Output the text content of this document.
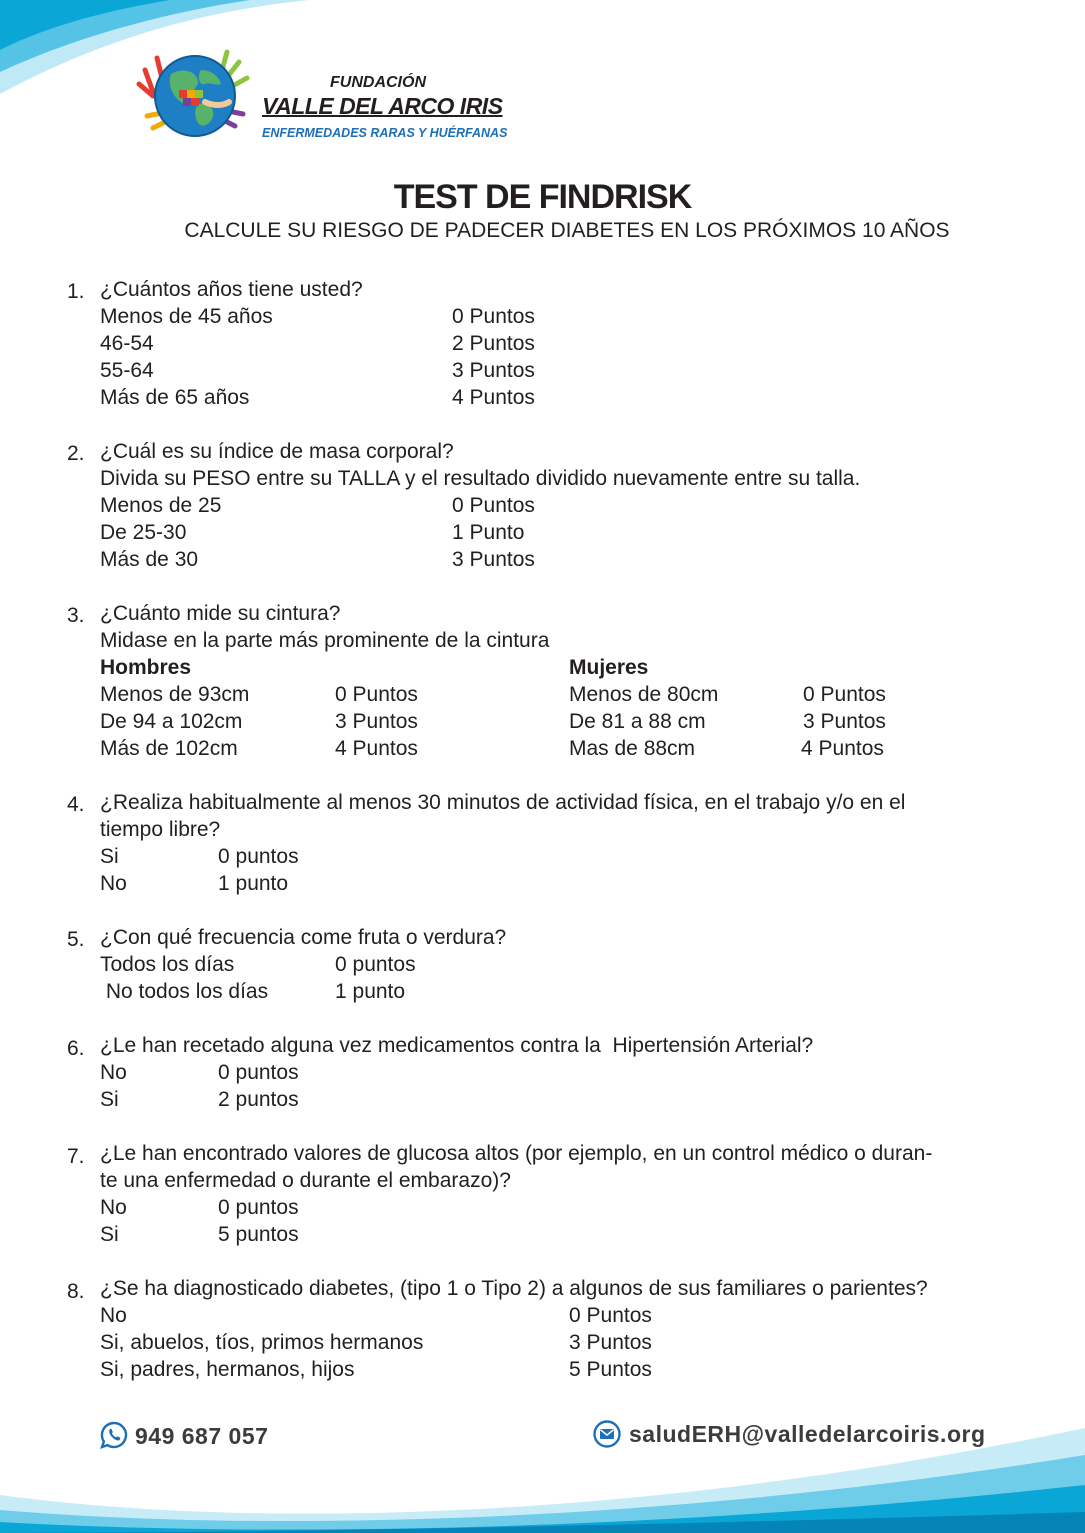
FUNDACIÓN
VALLE DEL ARCO IRIS
ENFERMEDADES RARAS Y HUÉRFANAS
TEST DE FINDRISK
CALCULE SU RIESGO DE PADECER DIABETES EN LOS PRÓXIMOS 10 AÑOS
1. ¿Cuántos años tiene usted?
Menos de 45 años	0 Puntos
46-54	2 Puntos
55-64	3 Puntos
Más de 65 años	4 Puntos
2. ¿Cuál es su índice de masa corporal?
Divida su PESO entre su TALLA y el resultado dividido nuevamente entre su talla.
Menos de 25	0 Puntos
De 25-30	1 Punto
Más de 30	3 Puntos
3. ¿Cuánto mide su cintura?
Midase en la parte más prominente de la cintura
Hombres	Mujeres
Menos de 93cm	0 Puntos	Menos de 80cm	0 Puntos
De 94 a 102cm	3 Puntos	De 81 a 88 cm	3 Puntos
Más de 102cm	4 Puntos	Mas de 88cm	4 Puntos
4. ¿Realiza habitualmente al menos 30 minutos de actividad física, en el trabajo y/o en el
tiempo libre?
Si	0 puntos
No	1 punto
5. ¿Con qué frecuencia come fruta o verdura?
Todos los días	0 puntos
No todos los días	1 punto
6. ¿Le han recetado alguna vez medicamentos contra la  Hipertensión Arterial?
No	0 puntos
Si	2 puntos
7. ¿Le han encontrado valores de glucosa altos (por ejemplo, en un control médico o duran-
te una enfermedad o durante el embarazo)?
No	0 puntos
Si	5 puntos
8. ¿Se ha diagnosticado diabetes, (tipo 1 o Tipo 2) a algunos de sus familiares o parientes?
No	0 Puntos
Si, abuelos, tíos, primos hermanos	3 Puntos
Si, padres, hermanos, hijos	5 Puntos
949 687 057	saludERH@valledelarcoiris.org
